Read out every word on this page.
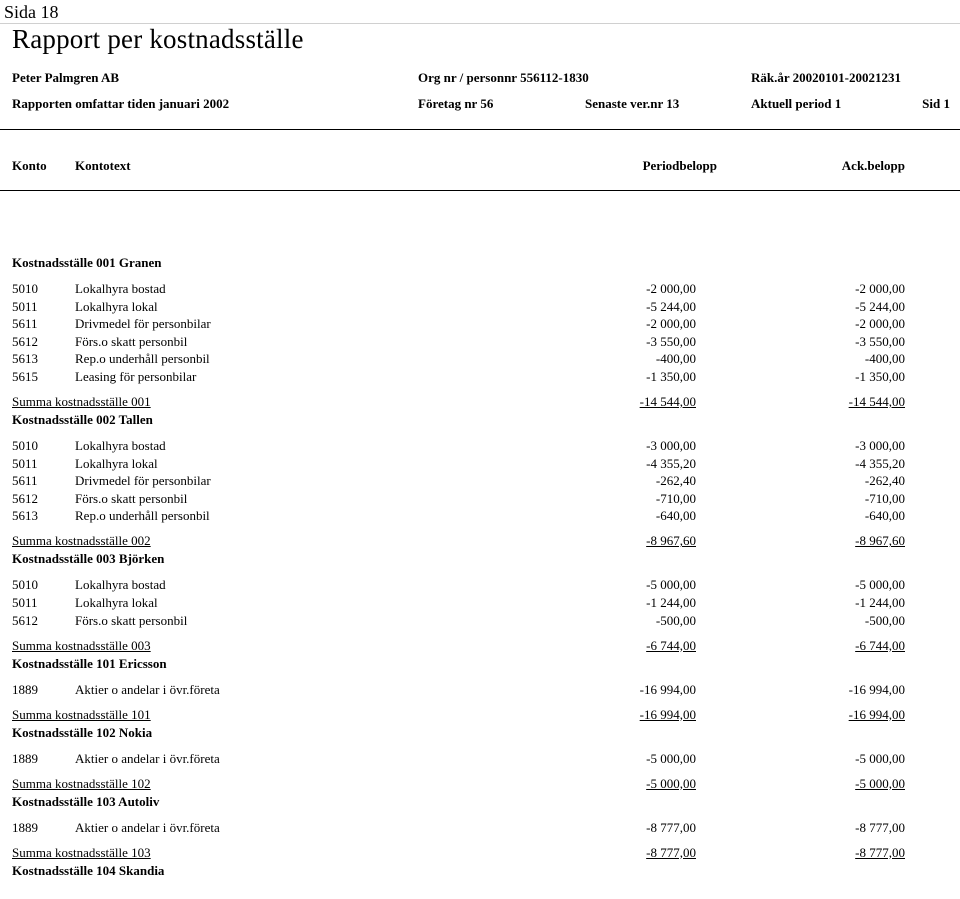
Sida 18
Rapport per kostnadsställe
Peter Palmgren AB	Org nr / personnr 556112-1830	Räk.år 20020101-20021231
Rapporten omfattar tiden januari 2002	Företag nr 56	Senaste ver.nr 13	Aktuell period 1	Sid 1
Konto Kontotext	Periodbelopp	Ack.belopp
Kostnadsställe 001 Granen
5010	Lokalhyra bostad	-2 000,00	-2 000,00
5011	Lokalhyra lokal	-5 244,00	-5 244,00
5611	Drivmedel för personbilar	-2 000,00	-2 000,00
5612	Förs.o skatt personbil	-3 550,00	-3 550,00
5613	Rep.o underhåll personbil	-400,00	-400,00
5615	Leasing för personbilar	-1 350,00	-1 350,00
Summa kostnadsställe 001	-14 544,00	-14 544,00
Kostnadsställe 002 Tallen
5010	Lokalhyra bostad	-3 000,00	-3 000,00
5011	Lokalhyra lokal	-4 355,20	-4 355,20
5611	Drivmedel för personbilar	-262,40	-262,40
5612	Förs.o skatt personbil	-710,00	-710,00
5613	Rep.o underhåll personbil	-640,00	-640,00
Summa kostnadsställe 002	-8 967,60	-8 967,60
Kostnadsställe 003 Björken
5010	Lokalhyra bostad	-5 000,00	-5 000,00
5011	Lokalhyra lokal	-1 244,00	-1 244,00
5612	Förs.o skatt personbil	-500,00	-500,00
Summa kostnadsställe 003	-6 744,00	-6 744,00
Kostnadsställe 101 Ericsson
1889	Aktier o andelar i övr.företa	-16 994,00	-16 994,00
Summa kostnadsställe 101	-16 994,00	-16 994,00
Kostnadsställe 102 Nokia
1889	Aktier o andelar i övr.företa	-5 000,00	-5 000,00
Summa kostnadsställe 102	-5 000,00	-5 000,00
Kostnadsställe 103 Autoliv
1889	Aktier o andelar i övr.företa	-8 777,00	-8 777,00
Summa kostnadsställe 103	-8 777,00	-8 777,00
Kostnadsställe 104 Skandia
